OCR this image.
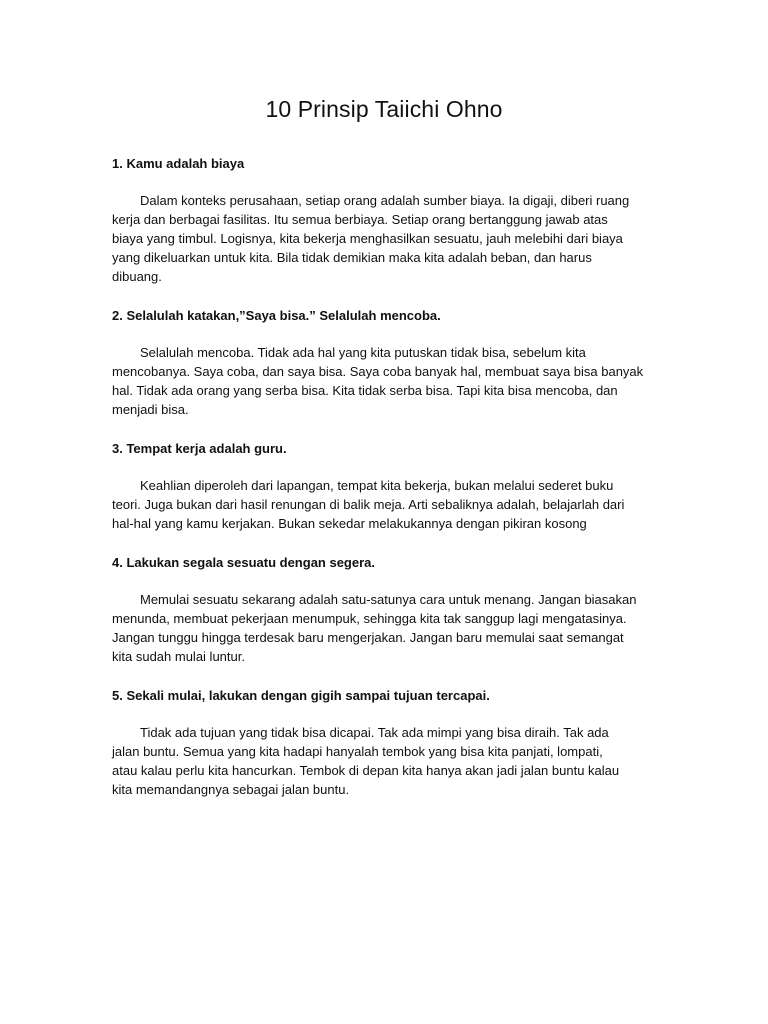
10 Prinsip Taiichi Ohno

1. Kamu adalah biaya

Dalam konteks perusahaan, setiap orang adalah sumber biaya. Ia digaji, diberi ruang
kerja dan berbagai fasilitas. Itu semua berbiaya. Setiap orang bertanggung jawab atas
biaya yang timbul. Logisnya, kita bekerja menghasilkan sesuatu, jauh melebihi dari biaya
yang dikeluarkan untuk kita. Bila tidak demikian maka kita adalah beban, dan harus
dibuang.

2. Selalulah katakan,”Saya bisa.” Selalulah mencoba.

Selalulah mencoba. Tidak ada hal yang kita putuskan tidak bisa, sebelum kita
mencobanya. Saya coba, dan saya bisa. Saya coba banyak hal, membuat saya bisa banyak
hal. Tidak ada orang yang serba bisa. Kita tidak serba bisa. Tapi kita bisa mencoba, dan
menjadi bisa.

3. Tempat kerja adalah guru.

Keahlian diperoleh dari lapangan, tempat kita bekerja, bukan melalui sederet buku
teori. Juga bukan dari hasil renungan di balik meja. Arti sebaliknya adalah, belajarlah dari
hal-hal yang kamu kerjakan. Bukan sekedar melakukannya dengan pikiran kosong

4. Lakukan segala sesuatu dengan segera.

Memulai sesuatu sekarang adalah satu-satunya cara untuk menang. Jangan biasakan
menunda, membuat pekerjaan menumpuk, sehingga kita tak sanggup lagi mengatasinya.
Jangan tunggu hingga terdesak baru mengerjakan. Jangan baru memulai saat semangat
kita sudah mulai luntur.

5. Sekali mulai, lakukan dengan gigih sampai tujuan tercapai.

Tidak ada tujuan yang tidak bisa dicapai. Tak ada mimpi yang bisa diraih. Tak ada
jalan buntu. Semua yang kita hadapi hanyalah tembok yang bisa kita panjati, lompati,
atau kalau perlu kita hancurkan. Tembok di depan kita hanya akan jadi jalan buntu kalau
kita memandangnya sebagai jalan buntu.
